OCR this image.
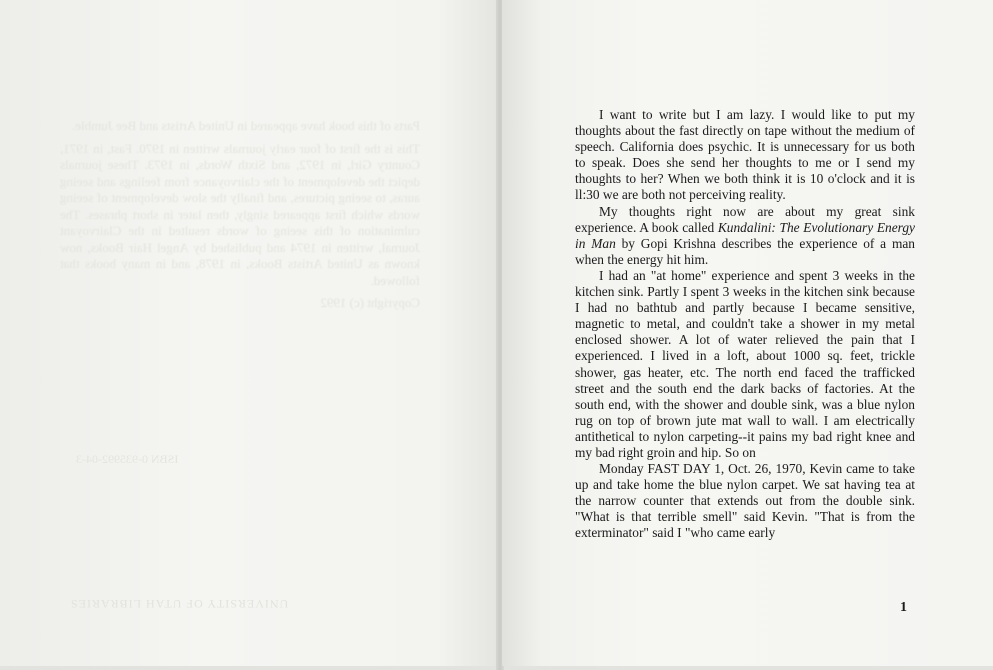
Parts of this book have appeared in United Artists and Bee Jumble.

This is the first of four early journals written in 1970. Fast, in 1971, Country Girl, in 1972, and Sixth Words, in 1973. These journals depict the development of the clairvoyance from feelings and seeing auras, to seeing pictures, and finally the slow development of seeing words which first appeared singly, then later in short phrases. The culmination of this seeing of words resulted in the Clairvoyant Journal, written in 1974 and published by Angel Hair Books, now known as United Artists Books, in 1978, and in many books that followed.

Copyright (c) 1992

ISBN 0-935992-04-3
UNIVERSITY OF UTAH LIBRARIES

I want to write but I am lazy. I would like to put my thoughts about the fast directly on tape without the medium of speech. California does psychic. It is unnecessary for us both to speak. Does she send her thoughts to me or I send my thoughts to her? When we both think it is 10 o'clock and it is ll:30 we are both not perceiving reality.

My thoughts right now are about my great sink experience. A book called Kundalini: The Evolutionary Energy in Man by Gopi Krishna describes the experience of a man when the energy hit him.

I had an "at home" experience and spent 3 weeks in the kitchen sink. Partly I spent 3 weeks in the kitchen sink because I had no bathtub and partly because I became sensitive, magnetic to metal, and couldn't take a shower in my metal enclosed shower. A lot of water relieved the pain that I experienced. I lived in a loft, about 1000 sq. feet, trickle shower, gas heater, etc. The north end faced the trafficked street and the south end the dark backs of factories. At the south end, with the shower and double sink, was a blue nylon rug on top of brown jute mat wall to wall. I am electrically antithetical to nylon carpeting--it pains my bad right knee and my bad right groin and hip. So on

Monday FAST DAY 1, Oct. 26, 1970, Kevin came to take up and take home the blue nylon carpet. We sat having tea at the narrow counter that extends out from the double sink. "What is that terrible smell" said Kevin. "That is from the exterminator" said I "who came early

1
